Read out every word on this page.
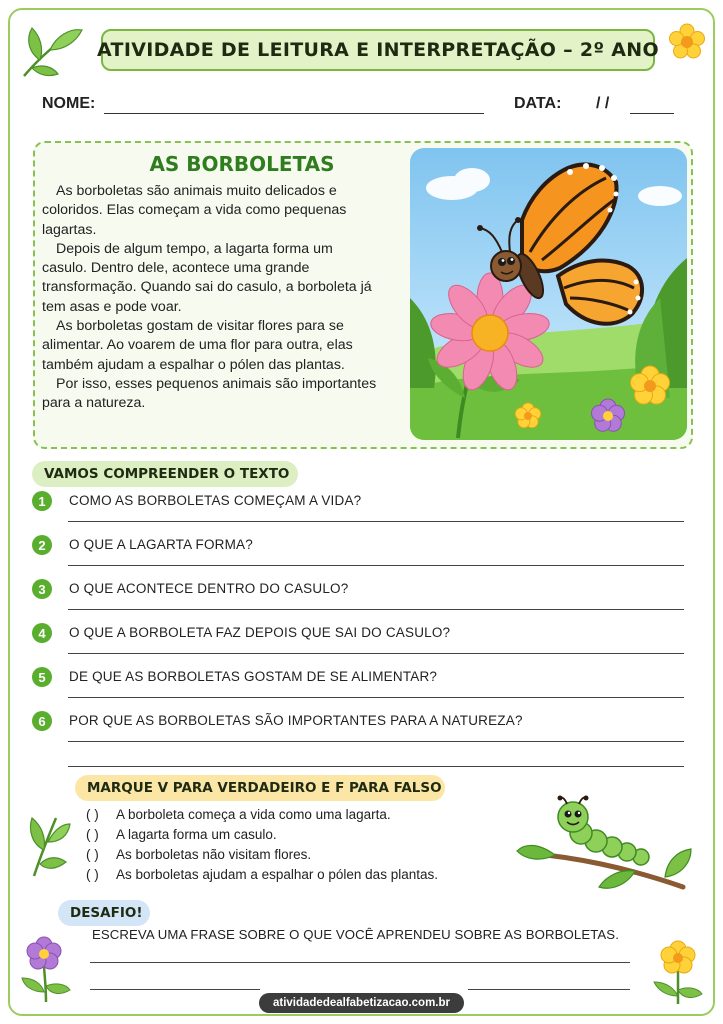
ATIVIDADE DE LEITURA E INTERPRETAÇÃO – 2º ANO
NOME:	DATA: / /
AS BORBOLETAS

As borboletas são animais muito delicados e coloridos. Elas começam a vida como pequenas lagartas.

Depois de algum tempo, a lagarta forma um casulo. Dentro dele, acontece uma grande transformação. Quando sai do casulo, a borboleta já tem asas e pode voar.

As borboletas gostam de visitar flores para se alimentar. Ao voarem de uma flor para outra, elas também ajudam a espalhar o pólen das plantas.

Por isso, esses pequenos animais são importantes para a natureza.

VAMOS COMPREENDER O TEXTO
1	COMO AS BORBOLETAS COMEÇAM A VIDA?
2	O QUE A LAGARTA FORMA?
3	O QUE ACONTECE DENTRO DO CASULO?
4	O QUE A BORBOLETA FAZ DEPOIS QUE SAI DO CASULO?
5	DE QUE AS BORBOLETAS GOSTAM DE SE ALIMENTAR?
6	POR QUE AS BORBOLETAS SÃO IMPORTANTES PARA A NATUREZA?
MARQUE V PARA VERDADEIRO E F PARA FALSO
( ) A borboleta começa a vida como uma lagarta.
( ) A lagarta forma um casulo.
( ) As borboletas não visitam flores.
( ) As borboletas ajudam a espalhar o pólen das plantas.
DESAFIO!
ESCREVA UMA FRASE SOBRE O QUE VOCÊ APRENDEU SOBRE AS BORBOLETAS.
atividadedealfabetizacao.com.br
